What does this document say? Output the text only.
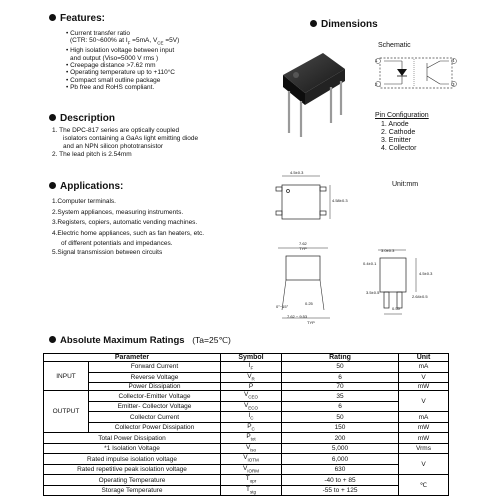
Features:
• Current transfer ratio
(CTR: 50~600% at $I_F =5mA$, $V_{CE} =5V$)
• High isolation voltage between input
and output (Viso=5000 V rms )
• Creepage distance >7.62 mm
• Operating temperature up to +110°C
• Compact small outline package
• Pb free and RoHS compliant.
Description
1. The DPC-817 series are optically coupled
isolators containing a GaAs light emitting diode
and an NPN silicon phototransistor
2. The lead pitch is 2.54mm
Applications:
1.Computer terminals.
2.System appliances, measuring instruments.
3.Registers, copiers, automatic vending machines.
4.Electric home appliances, such as fan heaters, etc.
of different potentials and impedances.
5.Signal transmission between circuits
Dimensions
Schematic
1
2	3
4
Pin Configuration
1. Anode
2. Cathode
3. Emitter
4. Collector
Unit:mm
4.5±0.3
4.58±0.3
7.62
TYP
0°~15°
0.25
7.62 ~ 9.53
TYP
3.0±0.3
0.4±0.1
4.5±0.3
2.64±0.5
3.5±0.5
0.55
Absolute Maximum Ratings (Ta=25℃)
Parameter		Symbol	Rating	Unit
INPUT	Forward Current	$I_F$	50	mA
	Reverse Voltage	$V_R$	6	V
	Power Dissipation	P	70	mW
OUTPUT	Collector-Emitter Voltage	$V_{CEO}$	35	V
	Emitter- Collector Voltage	$V_{ECO}$	6	
	Collector Current	$I_C$	50	mA
	Collector Power Dissipation	$P_C$	150	mW
Total Power Dissipation		$P_{tot}$	200	mW
*1 Isolation Voltage		$V_{iso}$	5,000	Vrms
Rated impulse isolation voltage		$V_{IOTM}$	6,000	V
Rated repetitive peak isolation voltage		$V_{IORM}$	630	
Operating Temperature		$T_{opr}$	-40 to + 85	℃
Storage Temperature		$T_{stg}$	-55 to + 125	
